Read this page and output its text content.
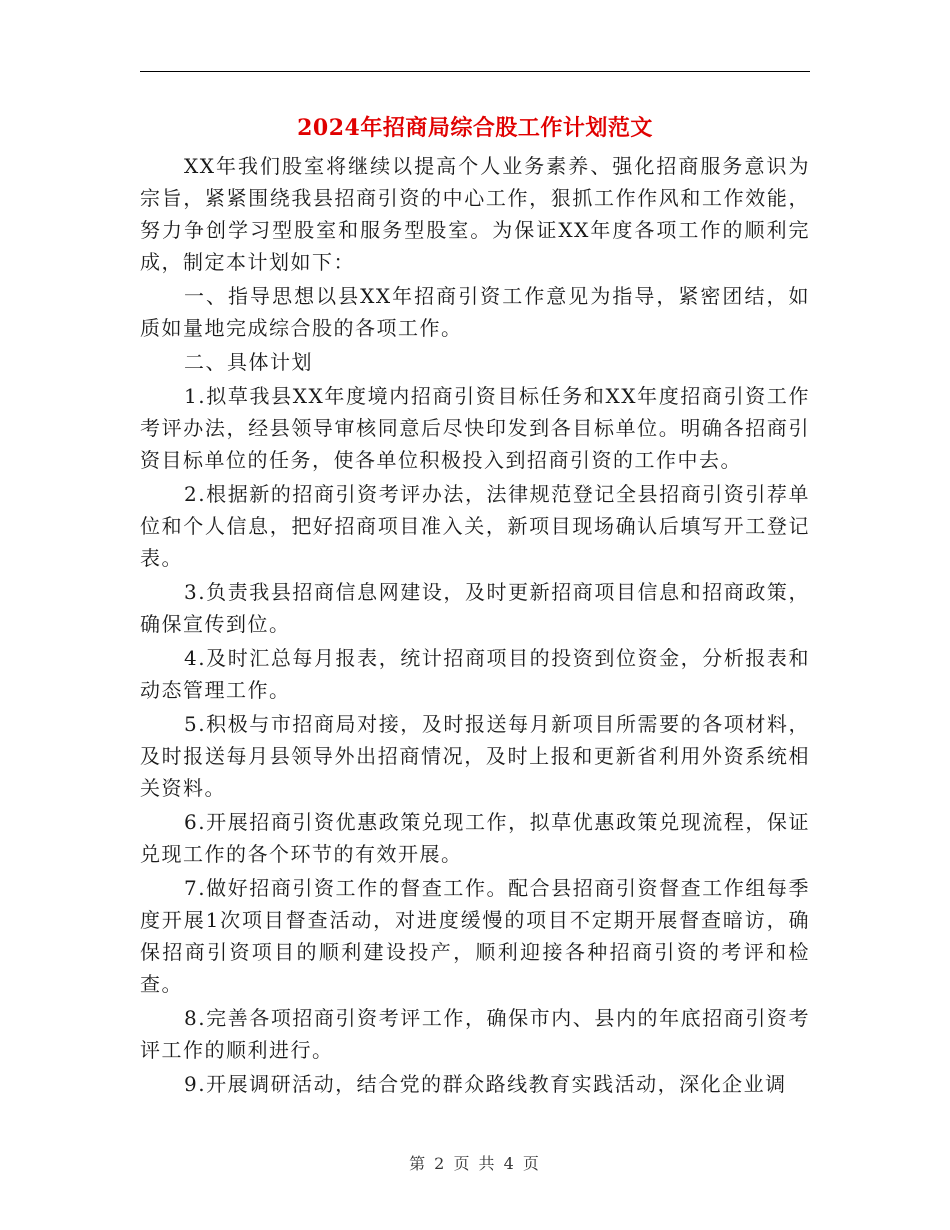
2024年招商局综合股工作计划范文

XX年我们股室将继续以提高个人业务素养、强化招商服务意识为宗旨，紧紧围绕我县招商引资的中心工作，狠抓工作作风和工作效能，努力争创学习型股室和服务型股室。为保证XX年度各项工作的顺利完成，制定本计划如下：

一、指导思想以县XX年招商引资工作意见为指导，紧密团结，如质如量地完成综合股的各项工作。

二、具体计划

1.拟草我县XX年度境内招商引资目标任务和XX年度招商引资工作考评办法，经县领导审核同意后尽快印发到各目标单位。明确各招商引资目标单位的任务，使各单位积极投入到招商引资的工作中去。

2.根据新的招商引资考评办法，法律规范登记全县招商引资引荐单位和个人信息，把好招商项目准入关，新项目现场确认后填写开工登记表。

3.负责我县招商信息网建设，及时更新招商项目信息和招商政策，确保宣传到位。

4.及时汇总每月报表，统计招商项目的投资到位资金，分析报表和动态管理工作。

5.积极与市招商局对接，及时报送每月新项目所需要的各项材料，及时报送每月县领导外出招商情况，及时上报和更新省利用外资系统相关资料。

6.开展招商引资优惠政策兑现工作，拟草优惠政策兑现流程，保证兑现工作的各个环节的有效开展。

7.做好招商引资工作的督查工作。配合县招商引资督查工作组每季度开展1次项目督查活动，对进度缓慢的项目不定期开展督查暗访，确保招商引资项目的顺利建设投产，顺利迎接各种招商引资的考评和检查。

8.完善各项招商引资考评工作，确保市内、县内的年底招商引资考评工作的顺利进行。

9.开展调研活动，结合党的群众路线教育实践活动，深化企业调

第 2 页 共 4 页
